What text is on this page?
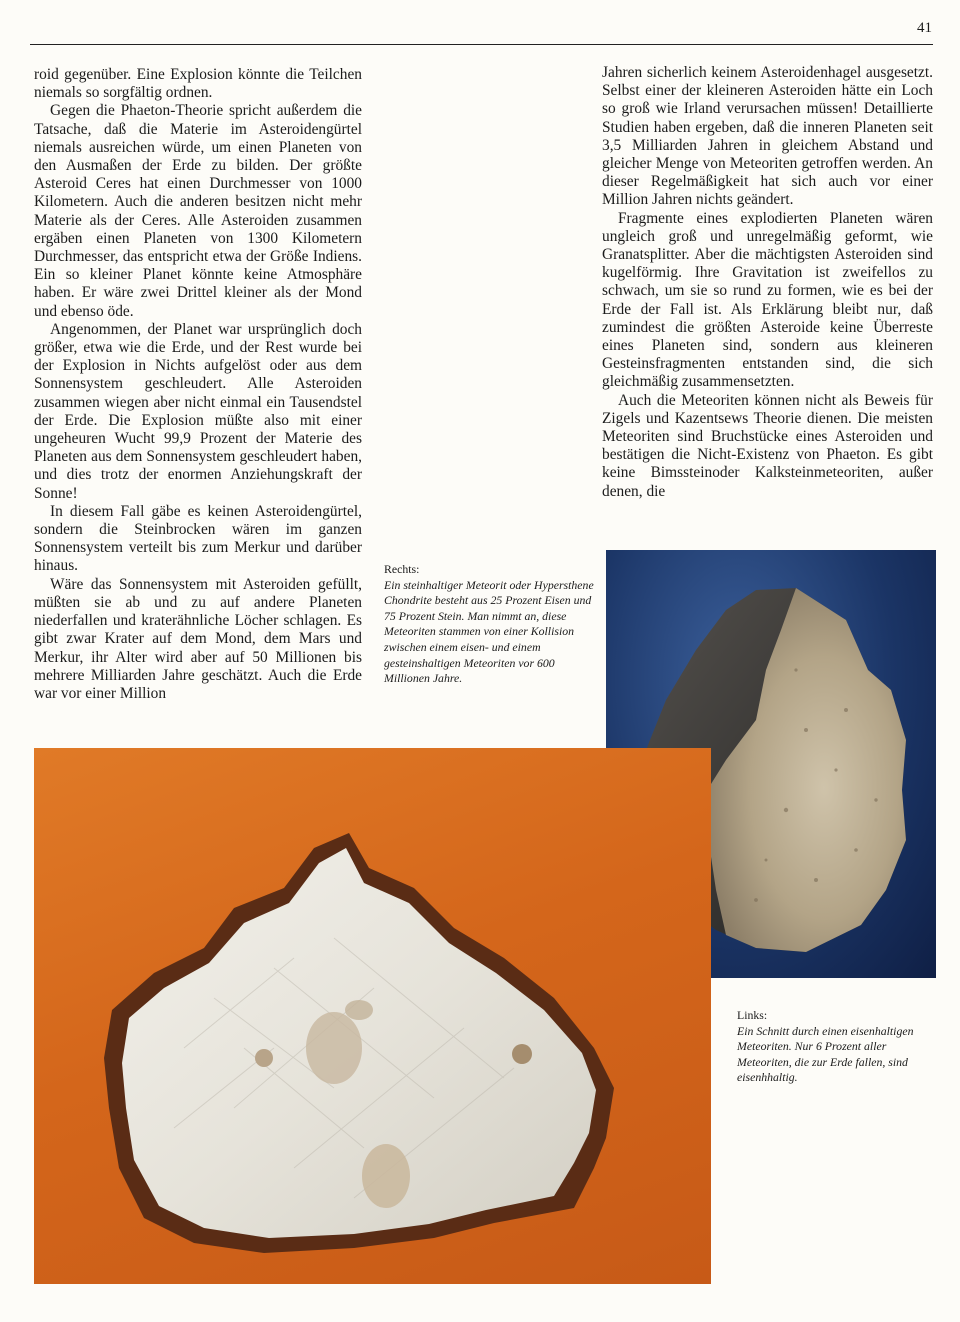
41

roid gegenüber. Eine Explosion könnte die Teilchen niemals so sorgfältig ordnen.

Gegen die Phaeton-Theorie spricht außerdem die Tatsache, daß die Materie im Asteroidengürtel niemals ausreichen würde, um einen Planeten von den Ausmaßen der Erde zu bilden. Der größte Asteroid Ceres hat einen Durchmesser von 1000 Kilometern. Auch die anderen besitzen nicht mehr Materie als der Ceres. Alle Asteroiden zusammen ergäben einen Planeten von 1300 Kilometern Durchmesser, das entspricht etwa der Größe Indiens. Ein so kleiner Planet könnte keine Atmosphäre haben. Er wäre zwei Drittel kleiner als der Mond und ebenso öde.

Angenommen, der Planet war ursprünglich doch größer, etwa wie die Erde, und der Rest wurde bei der Explosion in Nichts aufgelöst oder aus dem Sonnensystem geschleudert. Alle Asteroiden zusammen wiegen aber nicht einmal ein Tausendstel der Erde. Die Explosion müßte also mit einer ungeheuren Wucht 99,9 Prozent der Materie des Planeten aus dem Sonnensystem geschleudert haben, und dies trotz der enormen Anziehungskraft der Sonne!

In diesem Fall gäbe es keinen Asteroidengürtel, sondern die Steinbrocken wären im ganzen Sonnensystem verteilt bis zum Merkur und darüber hinaus.

Wäre das Sonnensystem mit Asteroiden gefüllt, müßten sie ab und zu auf andere Planeten niederfallen und kraterähnliche Löcher schlagen. Es gibt zwar Krater auf dem Mond, dem Mars und Merkur, ihr Alter wird aber auf 50 Millionen bis mehrere Milliarden Jahre geschätzt. Auch die Erde war vor einer Million

Jahren sicherlich keinem Asteroidenhagel ausgesetzt. Selbst einer der kleineren Asteroiden hätte ein Loch so groß wie Irland verursachen müssen! Detaillierte Studien haben ergeben, daß die inneren Planeten seit 3,5 Milliarden Jahren in gleichem Abstand und gleicher Menge von Meteoriten getroffen werden. An dieser Regelmäßigkeit hat sich auch vor einer Million Jahren nichts geändert.

Fragmente eines explodierten Planeten wären ungleich groß und unregelmäßig geformt, wie Granatsplitter. Aber die mächtigsten Asteroiden sind kugelförmig. Ihre Gravitation ist zweifellos zu schwach, um sie so rund zu formen, wie es bei der Erde der Fall ist. Als Erklärung bleibt nur, daß zumindest die größten Asteroide keine Überreste eines Planeten sind, sondern aus kleineren Gesteinsfragmenten entstanden sind, die sich gleichmäßig zusammensetzten.

Auch die Meteoriten können nicht als Beweis für Zigels und Kazentsews Theorie dienen. Die meisten Meteoriten sind Bruchstücke eines Asteroiden und bestätigen die Nicht-Existenz von Phaeton. Es gibt keine Bimssteinoder Kalksteinmeteoriten, außer denen, die

Rechts:
Ein steinhaltiger Meteorit oder Hypersthene Chondrite besteht aus 25 Prozent Eisen und 75 Prozent Stein. Man nimmt an, diese Meteoriten stammen von einer Kollision zwischen einem eisen- und einem gesteinshaltigen Meteoriten vor 600 Millionen Jahre.
Links:
Ein Schnitt durch einen eisenhaltigen Meteoriten. Nur 6 Prozent aller Meteoriten, die zur Erde fallen, sind eisenhhaltig.
